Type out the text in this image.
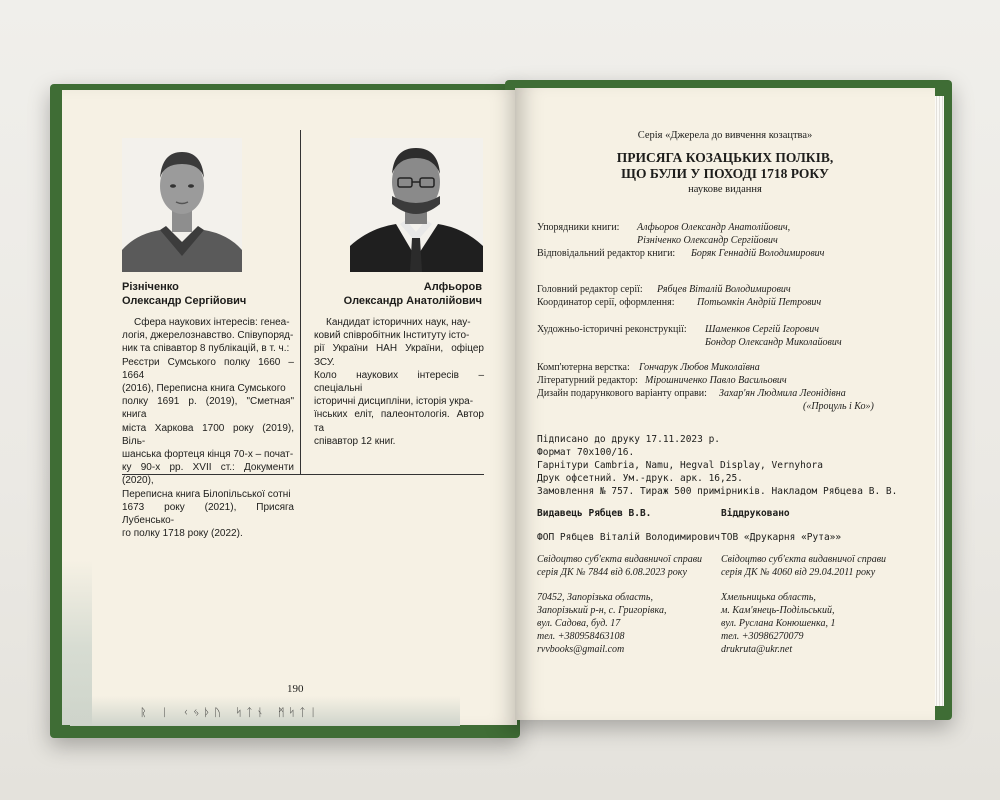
ᚱ ᛁ ᚲᛃᚦᚢ ᛋᛏᚾ ᛗᛋᛏᛁ
Різніченко
Олександр Сергійович
Алфьоров
Олександр Анатолійович
Сфера наукових інтересів: генеа-
логія, джерелознавство. Співупоряд-
ник та співавтор 8 публікацій, в т. ч.:
Реєстри Сумського полку 1660 – 1664
(2016), Переписна книга Сумського
полку 1691 р. (2019), "Сметная" книга
міста Харкова 1700 року (2019), Віль-
шанська фортеця кінця 70-х – почат-
ку 90-х рр. XVII ст.: Документи (2020),
Переписна книга Білопільської сотні
1673 року (2021), Присяга Лубенсько-
го полку 1718 року (2022).
Кандидат історичних наук, нау-
ковий співробітник Інституту істо-
рії України НАН України, офіцер ЗСУ.
Коло наукових інтересів – спеціальні
історичні дисципліни, історія укра-
їнських еліт, палеонтологія. Автор та
співавтор 12 книг.
190
Серія «Джерела до вивчення козацтва»
ПРИСЯГА КОЗАЦЬКИХ ПОЛКІВ,
ЩО БУЛИ У ПОХОДІ 1718 РОКУ
наукове видання
Упорядники книги: Алфьоров Олександр Анатолійович,
Різніченко Олександр Сергійович
Відповідальний редактор книги: Боряк Геннадій Володимирович
Головний редактор серії: Рябцев Віталій Володимирович
Координатор серії, оформлення: Потьомкін Андрій Петрович
Художньо-історичні реконструкції: Шаменков Сергій Ігорович
Бондор Олександр Миколайович
Комп'ютерна верстка: Гончарук Любов Миколаївна
Літературний редактор: Мірошниченко Павло Васильович
Дизайн подарункового варіанту оправи: Захар'ян Людмила Леонідівна
(«Процуль і Ко»)
Підписано до друку 17.11.2023 р.
Формат 70х100/16.
Гарнітури Cambria, Namu, Hegval Display, Vernyhora
Друк офсетний. Ум.-друк. арк. 16,25.
Замовлення № 757. Тираж 500 примірників. Накладом Рябцева В. В.
Видавець Рябцев В.В.	Віддруковано
ФОП Рябцев Віталій Володимирович
Свідоцтво суб'єкта видавничої справи
серія ДК № 7844 від 6.08.2023 року
70452, Запорізька область,
Запорізький р-н, с. Григорівка,
вул. Садова, буд. 17
тел. +380958463108
rvvbooks@gmail.com
ТОВ «Друкарня «Рута»»
Свідоцтво суб'єкта видавничої справи
серія ДК № 4060 від 29.04.2011 року
Хмельницька область,
м. Кам'янець-Подільський,
вул. Руслана Конюшенка, 1
тел. +30986270079
drukruta@ukr.net
